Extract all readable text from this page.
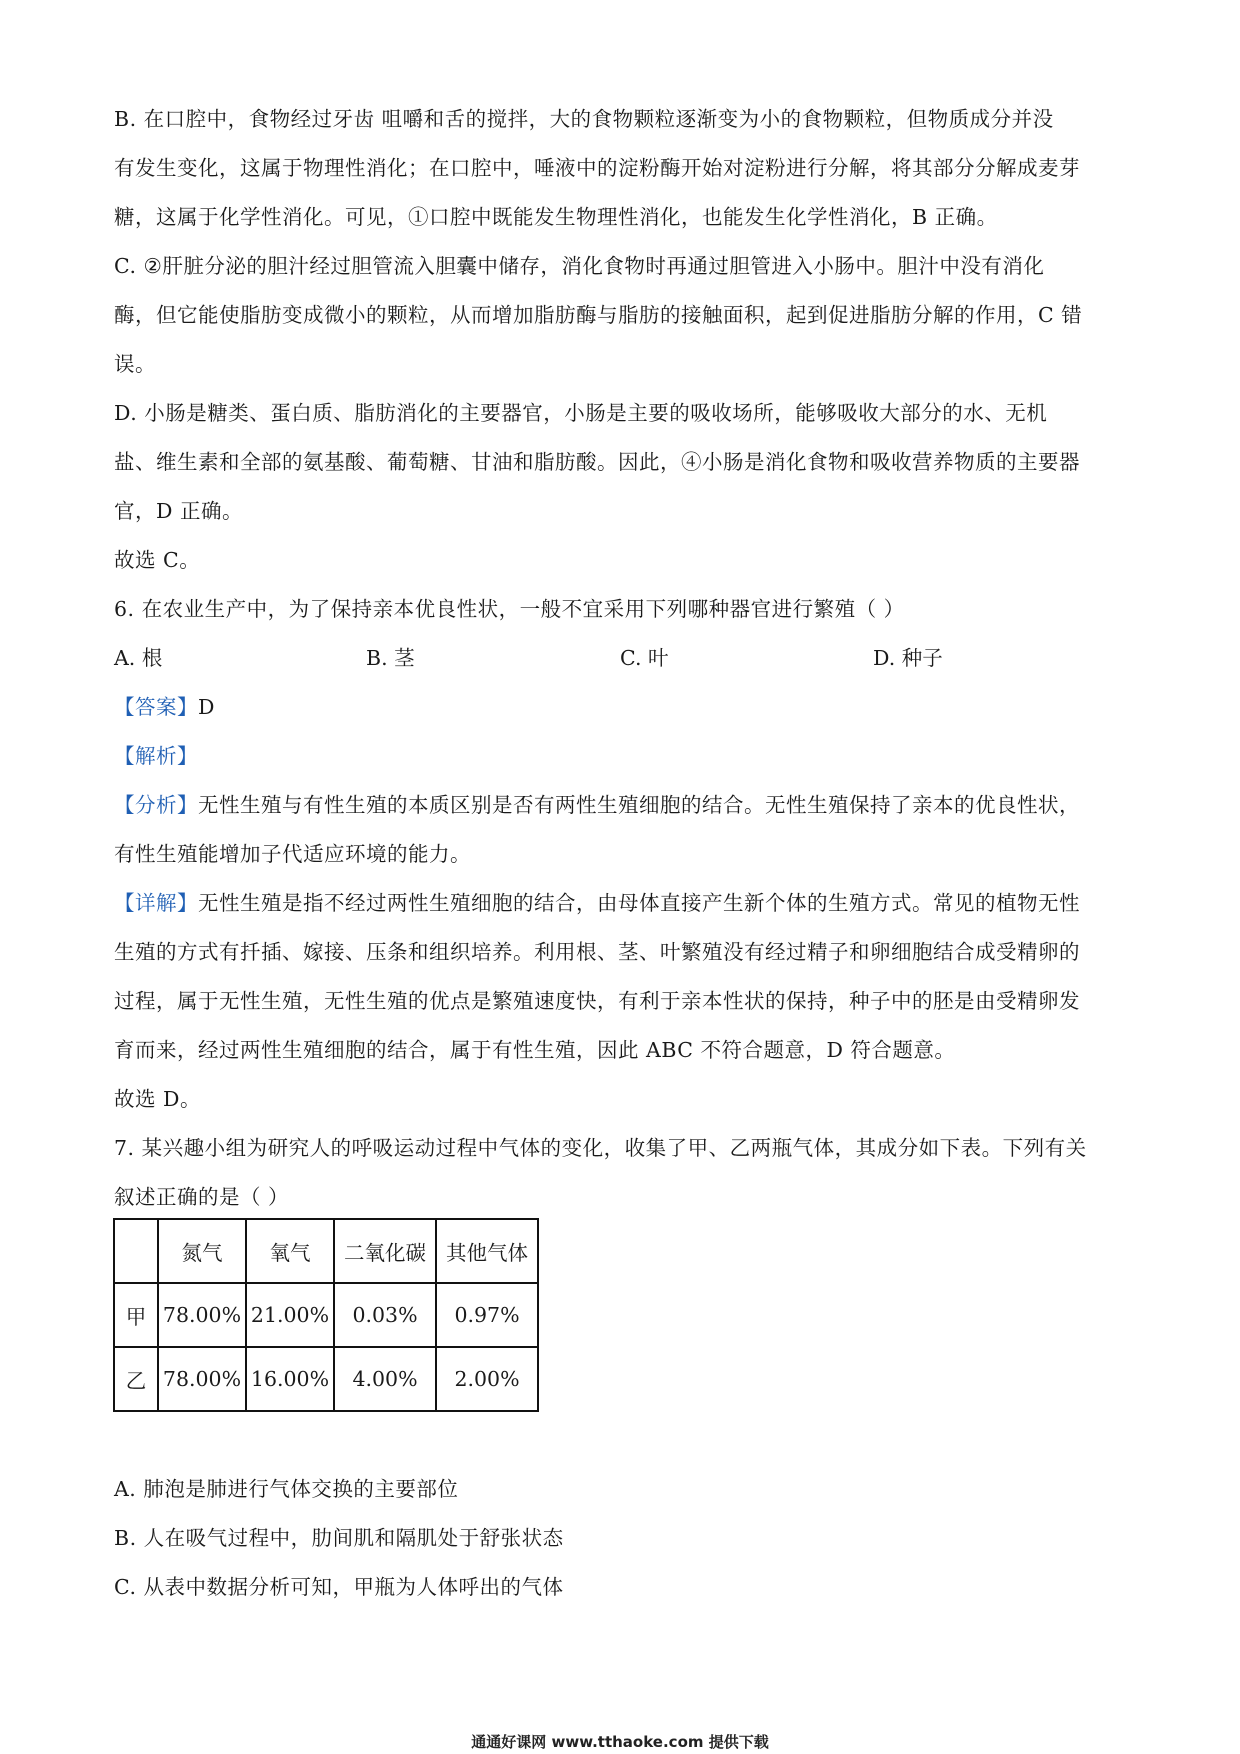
B. 在口腔中，食物经过牙齿 咀嚼和舌的搅拌，大的食物颗粒逐渐变为小的食物颗粒，但物质成分并没
有发生变化，这属于物理性消化；在口腔中，唾液中的淀粉酶开始对淀粉进行分解，将其部分分解成麦芽
糖，这属于化学性消化。可见，①口腔中既能发生物理性消化，也能发生化学性消化，B 正确。
C. ②肝脏分泌的胆汁经过胆管流入胆囊中储存，消化食物时再通过胆管进入小肠中。胆汁中没有消化
酶，但它能使脂肪变成微小的颗粒，从而增加脂肪酶与脂肪的接触面积，起到促进脂肪分解的作用，C 错
误。
D. 小肠是糖类、蛋白质、脂肪消化的主要器官，小肠是主要的吸收场所，能够吸收大部分的水、无机
盐、维生素和全部的氨基酸、葡萄糖、甘油和脂肪酸。因此，④小肠是消化食物和吸收营养物质的主要器
官，D 正确。
故选 C。
6. 在农业生产中，为了保持亲本优良性状，一般不宜采用下列哪种器官进行繁殖（ ）
A. 根	B. 茎	C. 叶	D. 种子
【答案】D
【解析】
【分析】无性生殖与有性生殖的本质区别是否有两性生殖细胞的结合。无性生殖保持了亲本的优良性状，
有性生殖能增加子代适应环境的能力。
【详解】无性生殖是指不经过两性生殖细胞的结合，由母体直接产生新个体的生殖方式。常见的植物无性
生殖的方式有扦插、嫁接、压条和组织培养。利用根、茎、叶繁殖没有经过精子和卵细胞结合成受精卵的
过程，属于无性生殖，无性生殖的优点是繁殖速度快，有利于亲本性状的保持，种子中的胚是由受精卵发
育而来，经过两性生殖细胞的结合，属于有性生殖，因此 ABC 不符合题意，D 符合题意。
故选 D。
7. 某兴趣小组为研究人的呼吸运动过程中气体的变化，收集了甲、乙两瓶气体，其成分如下表。下列有关
叙述正确的是（ ）
	氮气	氧气	二氧化碳	其他气体
甲	78.00%	21.00%	0.03%	0.97%
乙	78.00%	16.00%	4.00%	2.00%
A. 肺泡是肺进行气体交换的主要部位
B. 人在吸气过程中，肋间肌和隔肌处于舒张状态
C. 从表中数据分析可知，甲瓶为人体呼出的气体
通通好课网 www.tthaoke.com 提供下载
